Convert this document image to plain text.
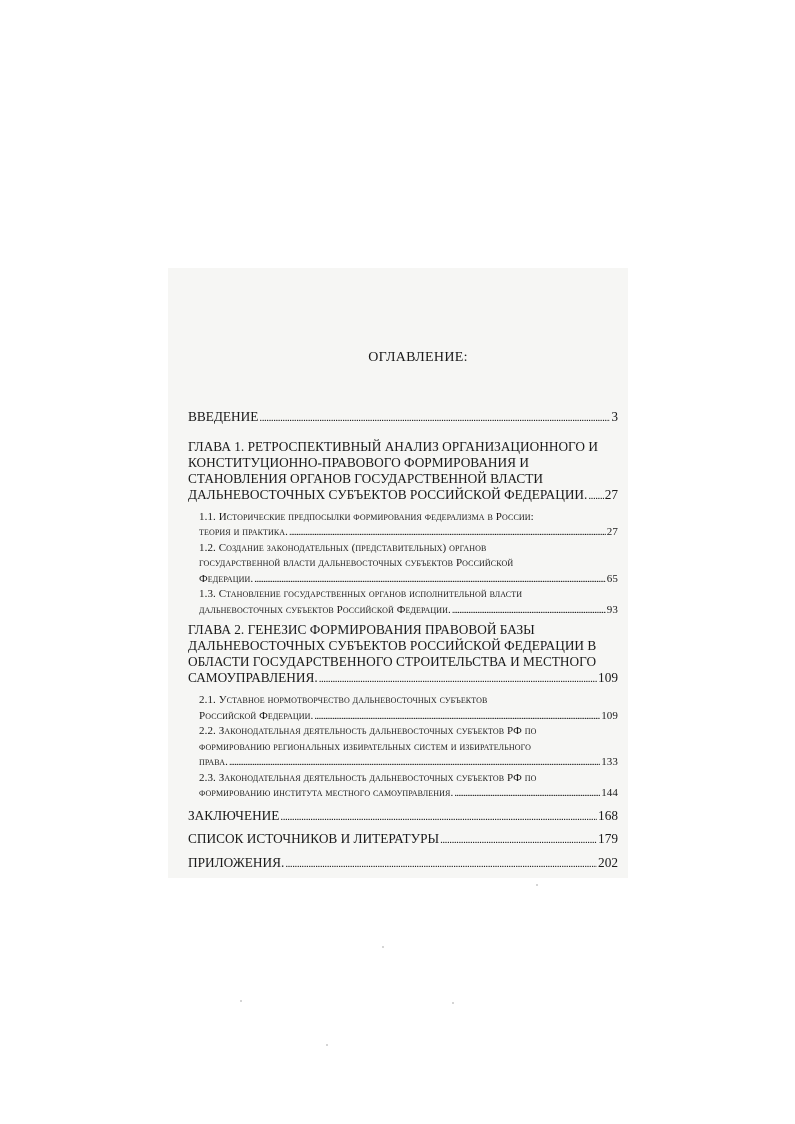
ОГЛАВЛЕНИЕ:
ВВЕДЕНИЕ . . .	3
ГЛАВА 1. РЕТРОСПЕКТИВНЫЙ АНАЛИЗ ОРГАНИЗАЦИОННОГО И
КОНСТИТУЦИОННО-ПРАВОВОГО ФОРМИРОВАНИЯ И
СТАНОВЛЕНИЯ ОРГАНОВ ГОСУДАРСТВЕННОЙ ВЛАСТИ
ДАЛЬНЕВОСТОЧНЫХ СУБЪЕКТОВ РОССИЙСКОЙ ФЕДЕРАЦИИ. . . . 27
1.1. Исторические предпосылки формирования федерализма в России:
теория и практика. . . .	27
1.2. Создание законодательных (представительных) органов
государственной власти дальневосточных субъектов Российской
Федерации. . . .	65
1.3. Становление государственных органов исполнительной власти
дальневосточных субъектов Российской Федерации. . . .	93
ГЛАВА 2. ГЕНЕЗИС ФОРМИРОВАНИЯ ПРАВОВОЙ БАЗЫ
ДАЛЬНЕВОСТОЧНЫХ СУБЪЕКТОВ РОССИЙСКОЙ ФЕДЕРАЦИИ В
ОБЛАСТИ ГОСУДАРСТВЕННОГО СТРОИТЕЛЬСТВА И МЕСТНОГО
САМОУПРАВЛЕНИЯ. . . .	109
2.1. Уставное нормотворчество дальневосточных субъектов
Российской Федерации. . . .	109
2.2. Законодательная деятельность дальневосточных субъектов РФ по
формированию региональных избирательных систем и избирательного
права. . . .	133
2.3. Законодательная деятельность дальневосточных субъектов РФ по
формированию института местного самоуправления. . . .	144
ЗАКЛЮЧЕНИЕ . . .	168
СПИСОК ИСТОЧНИКОВ И ЛИТЕРАТУРЫ . . .	179
ПРИЛОЖЕНИЯ. . . .	202
